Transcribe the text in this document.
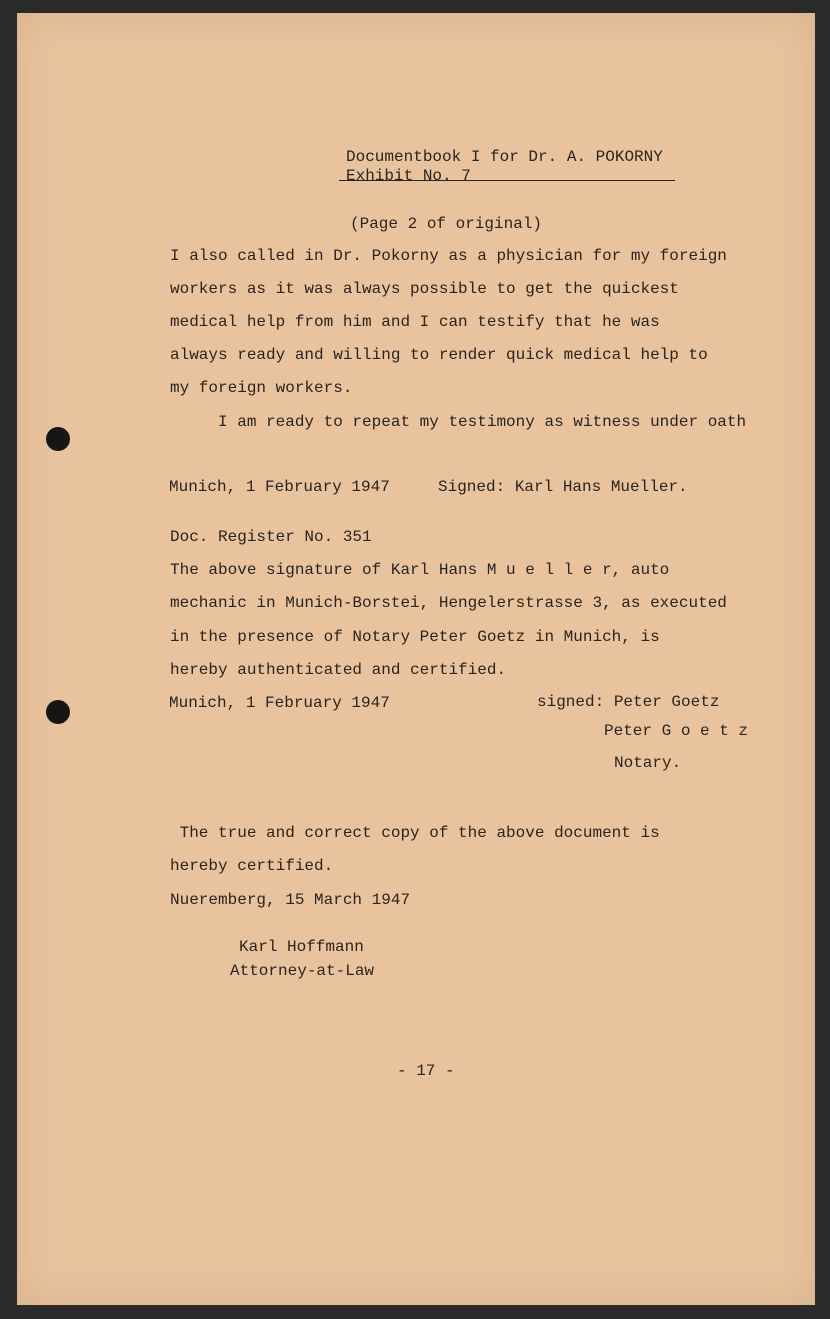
Documentbook I for Dr. A. POKORNY

Exhibit No. 7

(Page 2 of original)

I also called in Dr. Pokorny as a physician for my foreign

workers as it was always possible to get the quickest

medical help from him and I can testify that he was

always ready and willing to render quick medical help to

my foreign workers.

I am ready to repeat my testimony as witness under oath

Munich, 1 February 1947	Signed: Karl Hans Mueller.

Doc. Register No. 351

The above signature of Karl Hans M u e l l e r, auto

mechanic in Munich-Borstei, Hengelerstrasse 3, as executed

in the presence of Notary Peter Goetz in Munich, is

hereby authenticated and certified.

Munich, 1 February 1947	signed: Peter Goetz

Peter G o e t z

Notary.

The true and correct copy of the above document is

hereby certified.

Nueremberg, 15 March 1947

Karl Hoffmann

Attorney-at-Law

- 17 -
